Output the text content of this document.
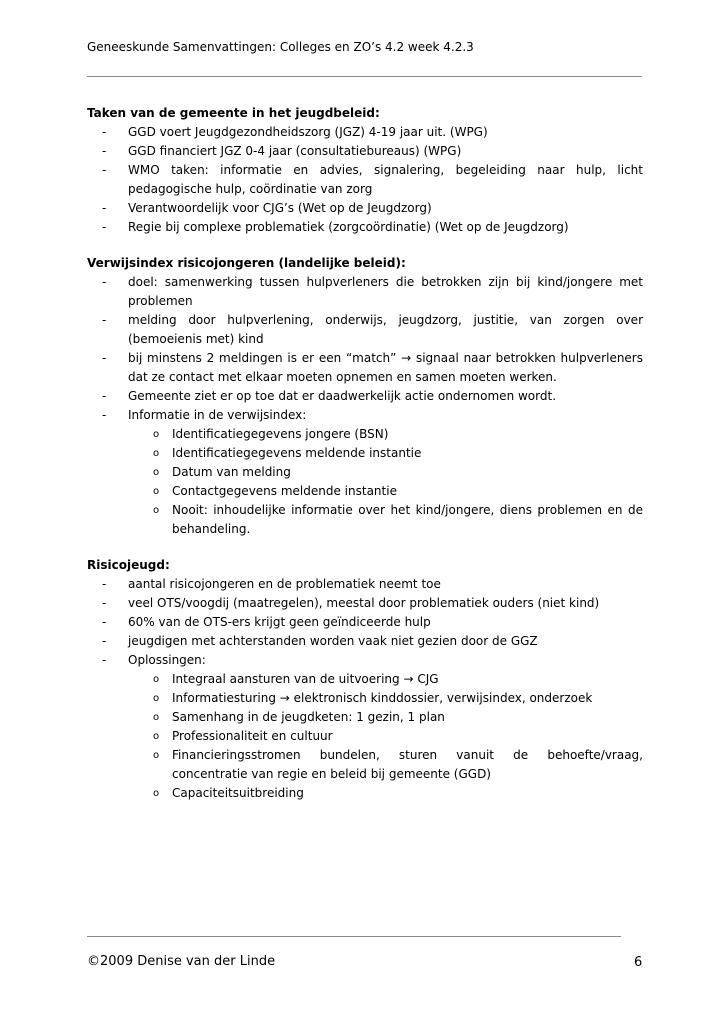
Geneeskunde Samenvattingen: Colleges en ZO’s 4.2 week 4.2.3
Taken van de gemeente in het jeugdbeleid:
- GGD voert Jeugdgezondheidszorg (JGZ) 4-19 jaar uit. (WPG)
- GGD financiert JGZ 0-4 jaar (consultatiebureaus) (WPG)
- WMO taken: informatie en advies, signalering, begeleiding naar hulp, licht pedagogische hulp, coördinatie van zorg
- Verantwoordelijk voor CJG’s (Wet op de Jeugdzorg)
- Regie bij complexe problematiek (zorgcoördinatie) (Wet op de Jeugdzorg)
Verwijsindex risicojongeren (landelijke beleid):
- doel: samenwerking tussen hulpverleners die betrokken zijn bij kind/jongere met problemen
- melding door hulpverlening, onderwijs, jeugdzorg, justitie, van zorgen over (bemoeienis met) kind
- bij minstens 2 meldingen is er een “match” → signaal naar betrokken hulpverleners dat ze contact met elkaar moeten opnemen en samen moeten werken.
- Gemeente ziet er op toe dat er daadwerkelijk actie ondernomen wordt.
- Informatie in de verwijsindex:
o Identificatiegegevens jongere (BSN)
o Identificatiegegevens meldende instantie
o Datum van melding
o Contactgegevens meldende instantie
o Nooit: inhoudelijke informatie over het kind/jongere, diens problemen en de behandeling.
Risicojeugd:
- aantal risicojongeren en de problematiek neemt toe
- veel OTS/voogdij (maatregelen), meestal door problematiek ouders (niet kind)
- 60% van de OTS-ers krijgt geen geïndiceerde hulp
- jeugdigen met achterstanden worden vaak niet gezien door de GGZ
- Oplossingen:
o Integraal aansturen van de uitvoering → CJG
o Informatiesturing → elektronisch kinddossier, verwijsindex, onderzoek
o Samenhang in de jeugdketen: 1 gezin, 1 plan
o Professionaliteit en cultuur
o Financieringsstromen bundelen, sturen vanuit de behoefte/vraag, concentratie van regie en beleid bij gemeente (GGD)
o Capaciteitsuitbreiding
©2009 Denise van der Linde	6
